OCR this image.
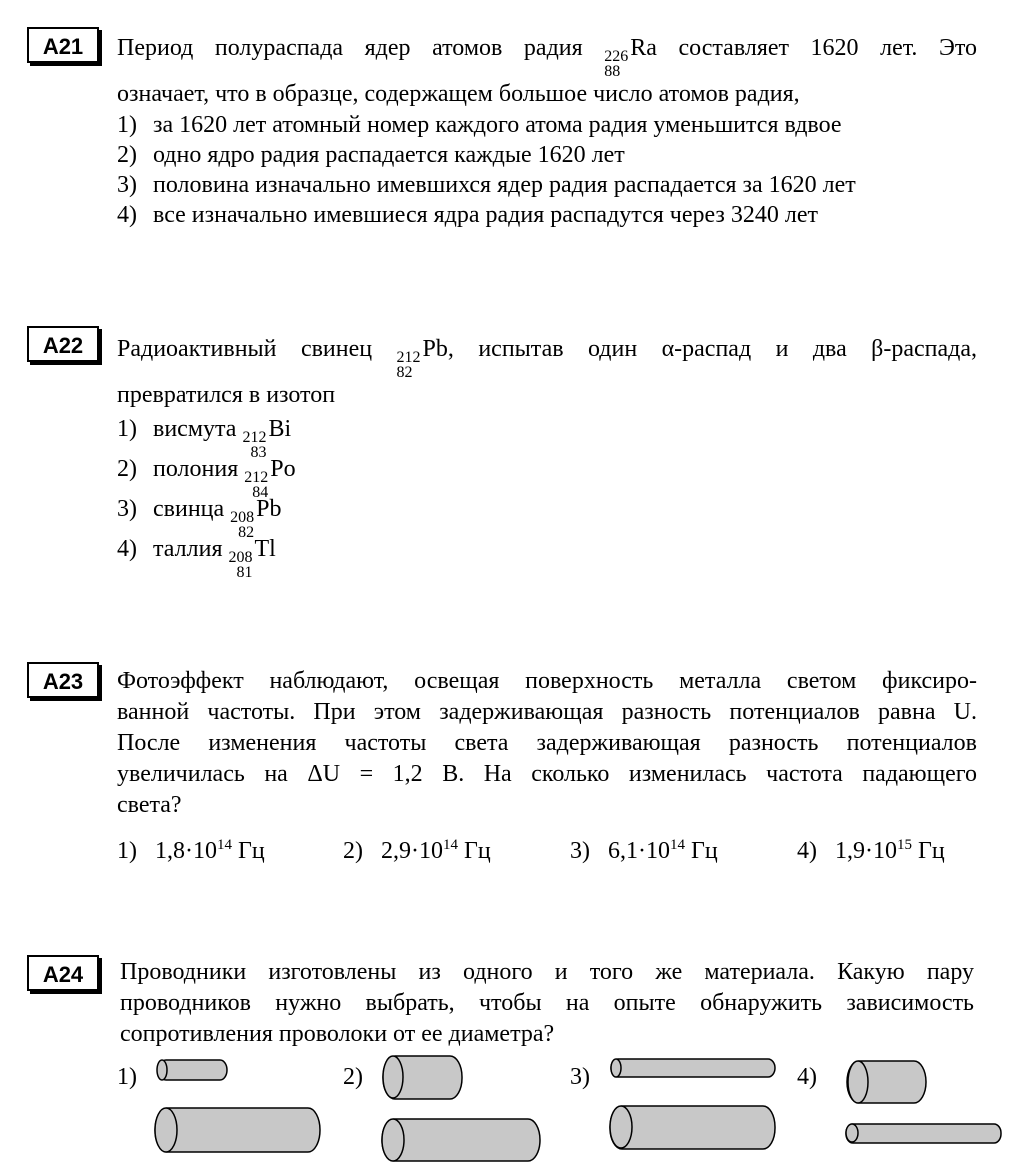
А21	Период полураспада ядер атомов радия 226
88
Ra составляет 1620 лет. Это
означает, что в образце, содержащем большое число атомов радия,
1) за 1620 лет атомный номер каждого атома радия уменьшится вдвое
2) одно ядро радия распадается каждые 1620 лет
3) половина изначально имевшихся ядер радия распадается за 1620 лет
4) все изначально имевшиеся ядра радия распадутся через 3240 лет
А22	Радиоактивный свинец 212
82
Pb, испытав один α-распад и два β-распада,
превратился в изотоп
1) висмута 212
83
Bi
2) полония 212
84
Po
3) свинца 208
82
Pb
4) таллия 208
81
Tl
А23	Фотоэффект наблюдают, освещая поверхность металла светом фиксиро-
ванной частоты. При этом задерживающая разность потенциалов равна U.
После изменения частоты света задерживающая разность потенциалов
увеличилась на ΔU = 1,2 В. На сколько изменилась частота падающего
света?
1) $1,8\cdot 10^{14}$ Гц	2) $2,9\cdot 10^{14}$ Гц	3) $6,1\cdot 10^{14}$ Гц	4) $1,9\cdot 10^{15}$ Гц
А24	Проводники изготовлены из одного и того же материала. Какую пару
проводников нужно выбрать, чтобы на опыте обнаружить зависимость
сопротивления проволоки от ее диаметра?
1)	2)	3)	4)
